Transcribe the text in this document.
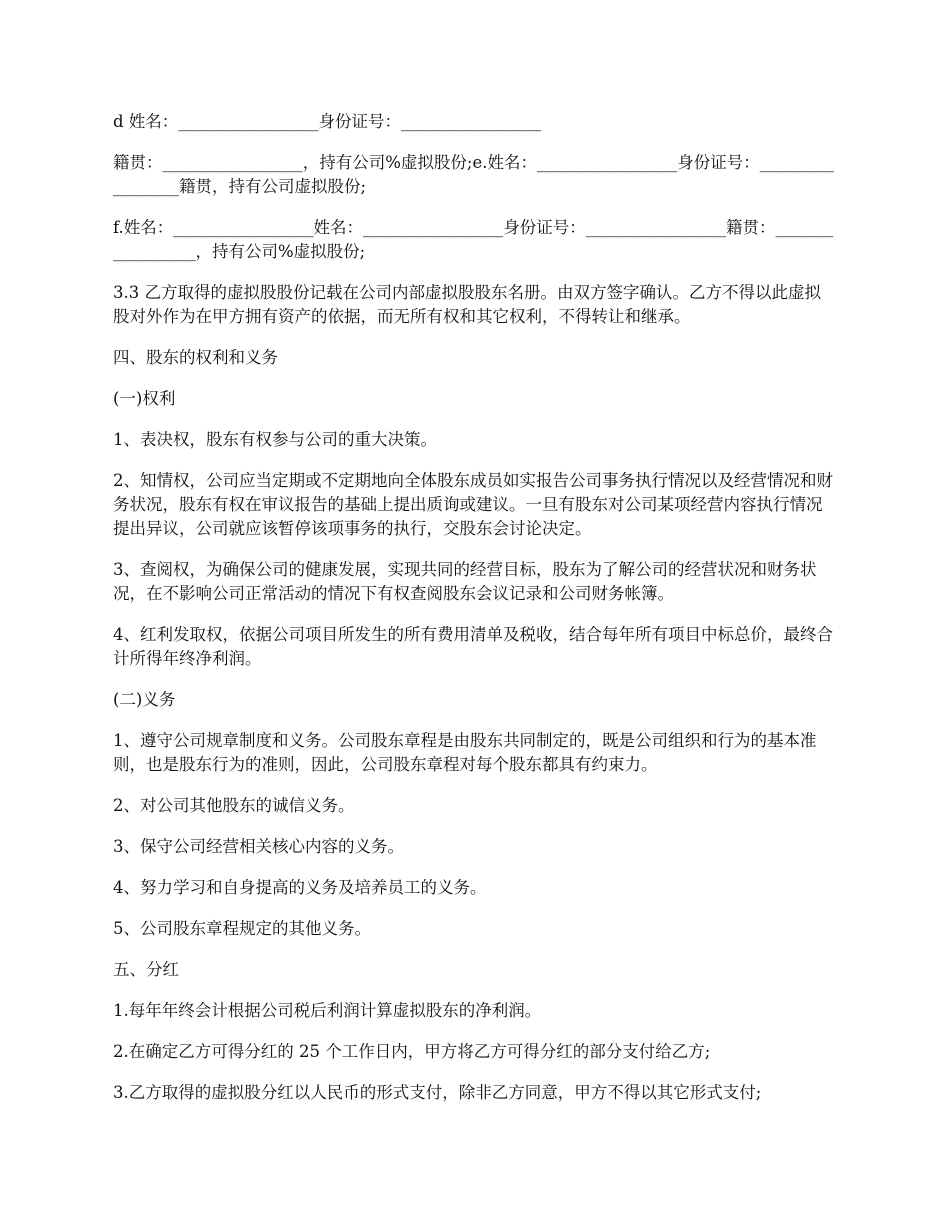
d 姓名：_________________身份证号：_________________

籍贯：_________________，持有公司%虚拟股份;e.姓名：_________________身份证号：_________________籍贯，持有公司虚拟股份;

f.姓名：_________________姓名：_________________身份证号：_________________籍贯：_________________，持有公司%虚拟股份;

3.3 乙方取得的虚拟股股份记载在公司内部虚拟股股东名册。由双方签字确认。乙方不得以此虚拟股对外作为在甲方拥有资产的依据，而无所有权和其它权利，不得转让和继承。

四、股东的权利和义务

(一)权利

1、表决权，股东有权参与公司的重大决策。

2、知情权，公司应当定期或不定期地向全体股东成员如实报告公司事务执行情况以及经营情况和财务状况，股东有权在审议报告的基础上提出质询或建议。一旦有股东对公司某项经营内容执行情况提出异议，公司就应该暂停该项事务的执行，交股东会讨论决定。

3、查阅权，为确保公司的健康发展，实现共同的经营目标，股东为了解公司的经营状况和财务状况，在不影响公司正常活动的情况下有权查阅股东会议记录和公司财务帐簿。

4、红利发取权，依据公司项目所发生的所有费用清单及税收，结合每年所有项目中标总价，最终合计所得年终净利润。

(二)义务

1、遵守公司规章制度和义务。公司股东章程是由股东共同制定的，既是公司组织和行为的基本准则，也是股东行为的准则，因此，公司股东章程对每个股东都具有约束力。

2、对公司其他股东的诚信义务。

3、保守公司经营相关核心内容的义务。

4、努力学习和自身提高的义务及培养员工的义务。

5、公司股东章程规定的其他义务。

五、分红

1.每年年终会计根据公司税后利润计算虚拟股东的净利润。

2.在确定乙方可得分红的 25 个工作日内，甲方将乙方可得分红的部分支付给乙方;

3.乙方取得的虚拟股分红以人民币的形式支付，除非乙方同意，甲方不得以其它形式支付;
